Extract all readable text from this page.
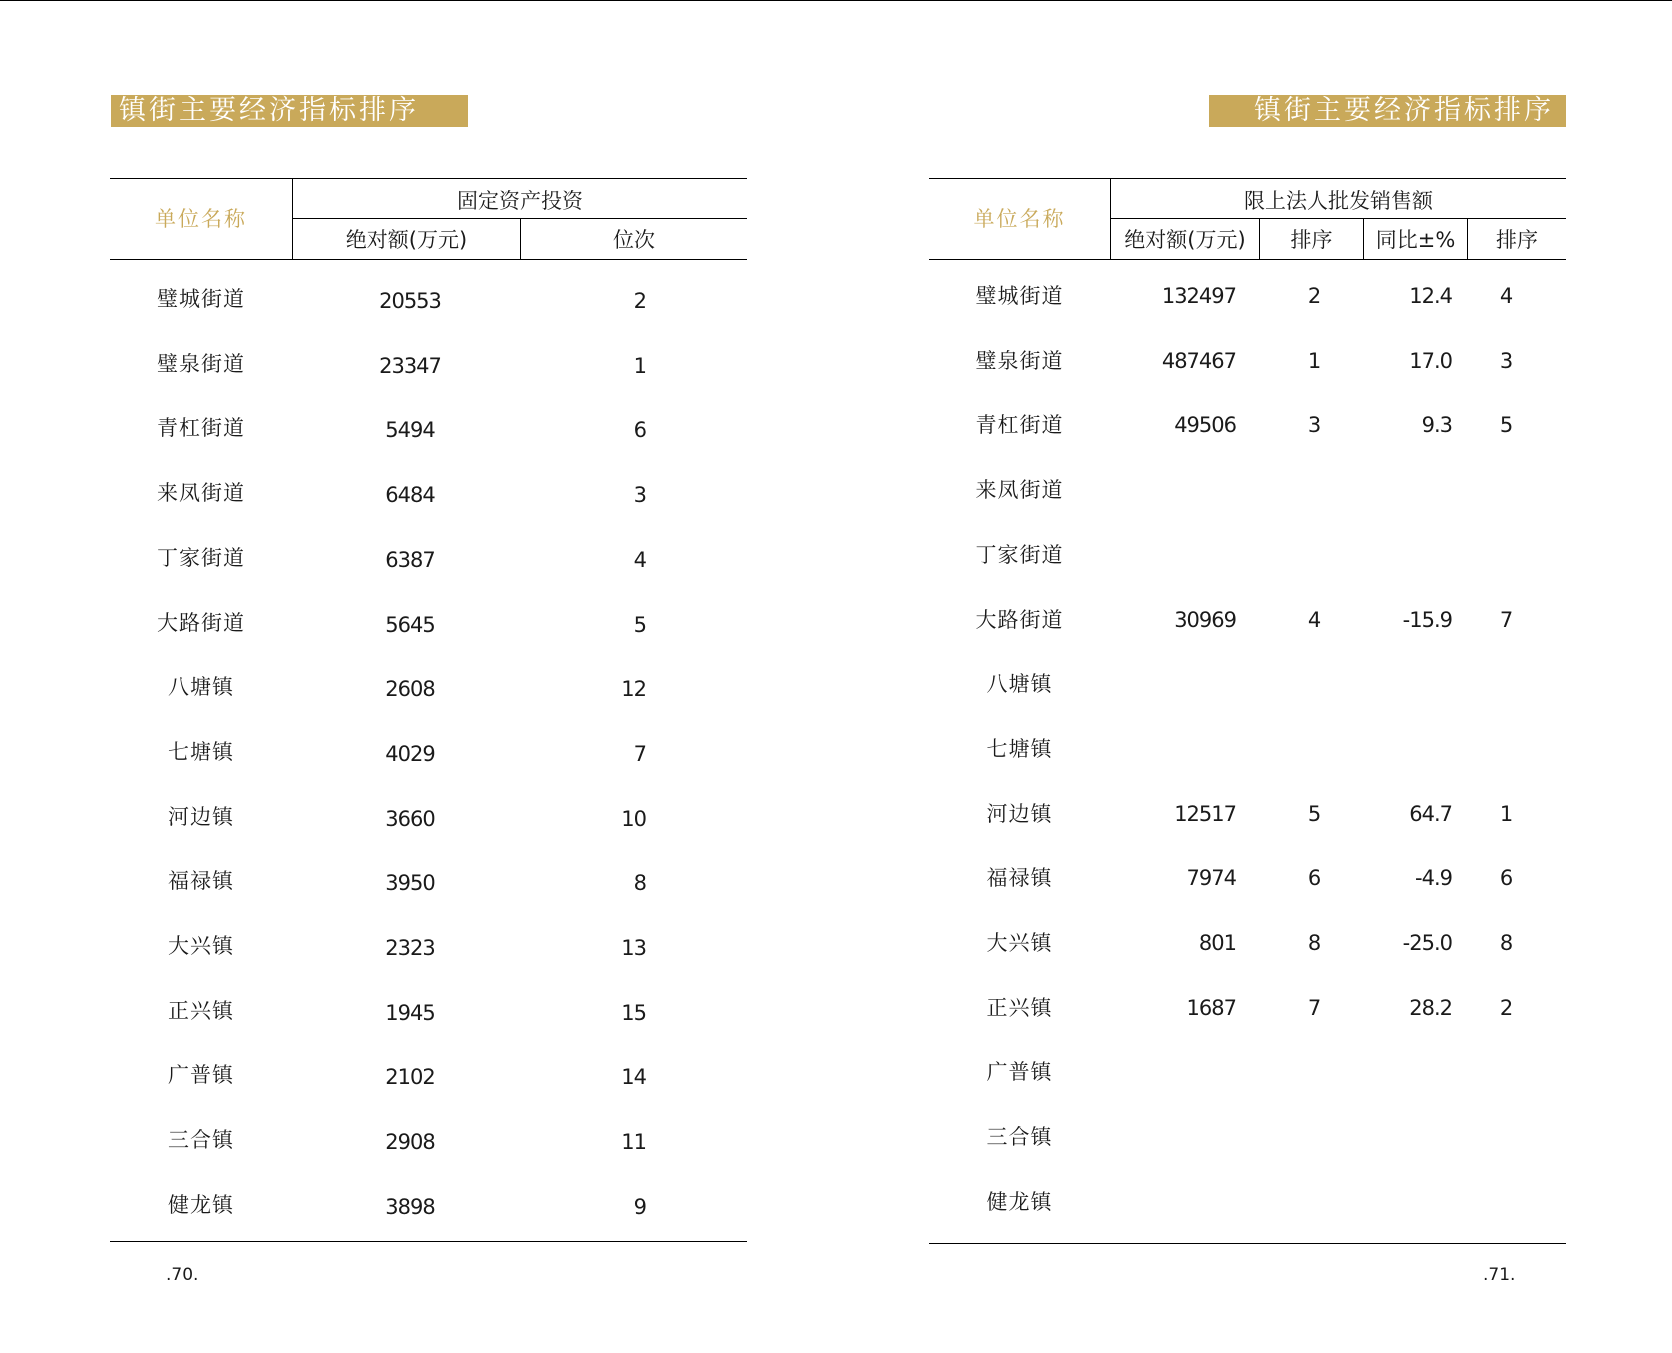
镇街主要经济指标排序
单位名称
固定资产投资
绝对额(万元)	位次
璧城街道	20553	2
璧泉街道	23347	1
青杠街道	5494	6
来凤街道	6484	3
丁家街道	6387	4
大路街道	5645	5
八塘镇	2608	12
七塘镇	4029	7
河边镇	3660	10
福禄镇	3950	8
大兴镇	2323	13
正兴镇	1945	15
广普镇	2102	14
三合镇	2908	11
健龙镇	3898	9
.70.
镇街主要经济指标排序
单位名称
限上法人批发销售额
绝对额(万元)	排序	同比±%	排序
璧城街道	132497	2	12.4	4
璧泉街道	487467	1	17.0	3
青杠街道	49506	3	9.3	5
来凤街道
丁家街道
大路街道	30969	4	-15.9	7
八塘镇
七塘镇
河边镇	12517	5	64.7	1
福禄镇	7974	6	-4.9	6
大兴镇	801	8	-25.0	8
正兴镇	1687	7	28.2	2
广普镇
三合镇
健龙镇
.71.
